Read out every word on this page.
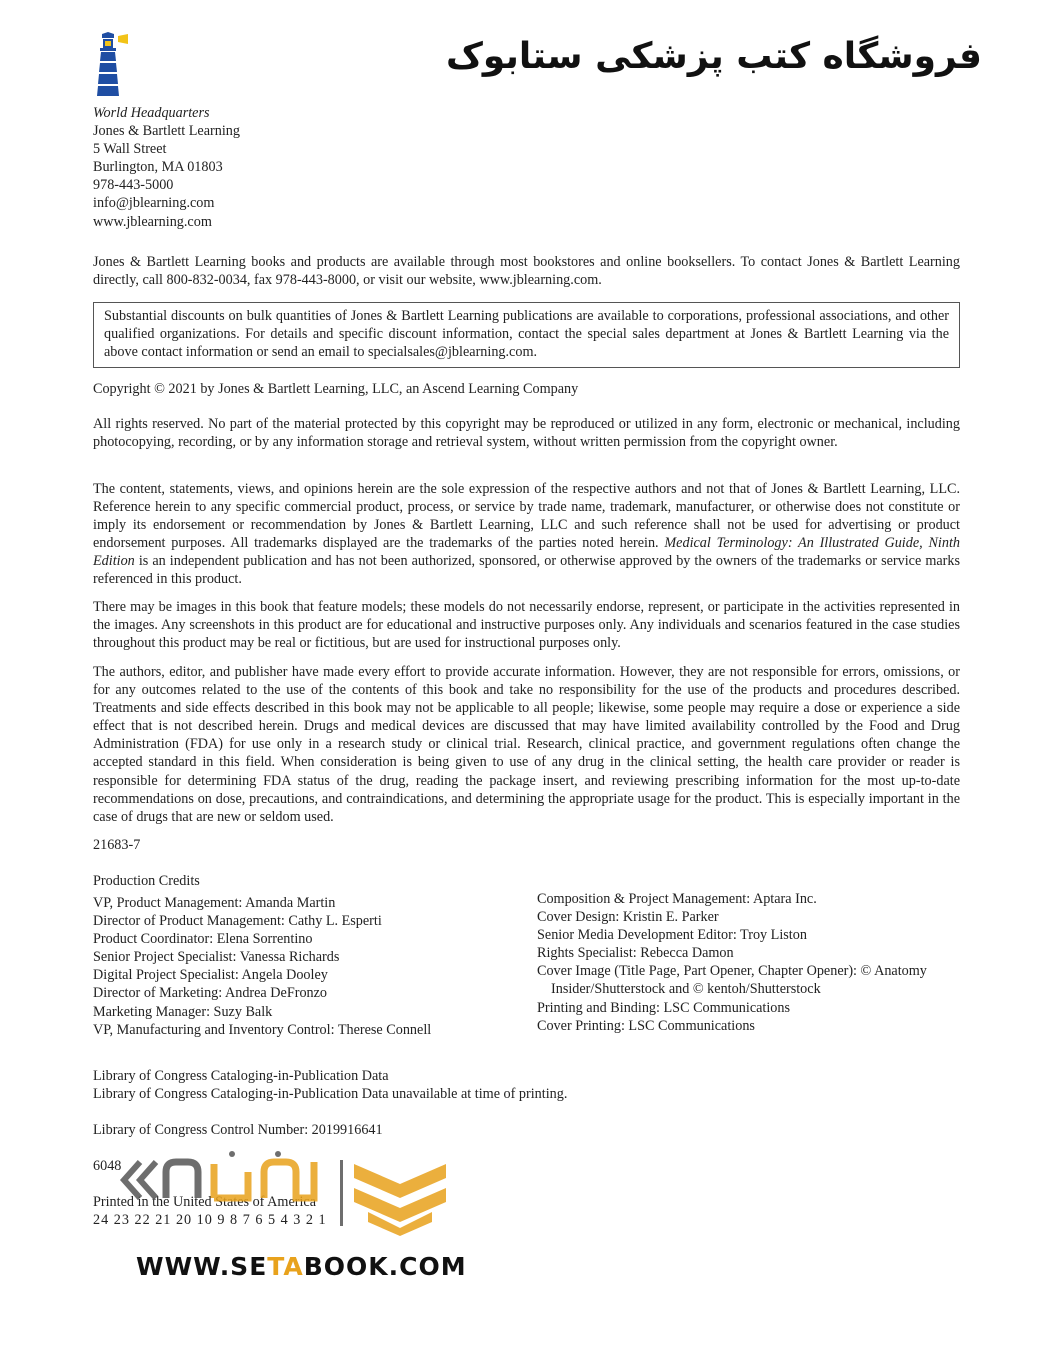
فروشگاه کتب پزشکی ستابوک
World Headquarters
Jones & Bartlett Learning
5 Wall Street
Burlington, MA 01803
978-443-5000
info@jblearning.com
www.jblearning.com
Jones & Bartlett Learning books and products are available through most bookstores and online booksellers. To contact Jones & Bartlett Learning directly, call 800-832-0034, fax 978-443-8000, or visit our website, www.jblearning.com.
Substantial discounts on bulk quantities of Jones & Bartlett Learning publications are available to corporations, professional associations, and other qualified organizations. For details and specific discount information, contact the special sales department at Jones & Bartlett Learning via the above contact information or send an email to specialsales@jblearning.com.
Copyright © 2021 by Jones & Bartlett Learning, LLC, an Ascend Learning Company
All rights reserved. No part of the material protected by this copyright may be reproduced or utilized in any form, electronic or mechanical, including photocopying, recording, or by any information storage and retrieval system, without written permission from the copyright owner.
The content, statements, views, and opinions herein are the sole expression of the respective authors and not that of Jones & Bartlett Learning, LLC. Reference herein to any specific commercial product, process, or service by trade name, trademark, manufacturer, or otherwise does not constitute or imply its endorsement or recommendation by Jones & Bartlett Learning, LLC and such reference shall not be used for advertising or product endorsement purposes. All trademarks displayed are the trademarks of the parties noted herein. Medical Terminology: An Illustrated Guide, Ninth Edition is an independent publication and has not been authorized, sponsored, or otherwise approved by the owners of the trademarks or service marks referenced in this product.
There may be images in this book that feature models; these models do not necessarily endorse, represent, or participate in the activities represented in the images. Any screenshots in this product are for educational and instructive purposes only. Any individuals and scenarios featured in the case studies throughout this product may be real or fictitious, but are used for instructional purposes only.
The authors, editor, and publisher have made every effort to provide accurate information. However, they are not responsible for errors, omissions, or for any outcomes related to the use of the contents of this book and take no responsibility for the use of the products and procedures described. Treatments and side effects described in this book may not be applicable to all people; likewise, some people may require a dose or experience a side effect that is not described herein. Drugs and medical devices are discussed that may have limited availability controlled by the Food and Drug Administration (FDA) for use only in a research study or clinical trial. Research, clinical practice, and government regulations often change the accepted standard in this field. When consideration is being given to use of any drug in the clinical setting, the health care provider or reader is responsible for determining FDA status of the drug, reading the package insert, and reviewing prescribing information for the most up-to-date recommendations on dose, precautions, and contraindications, and determining the appropriate usage for the product. This is especially important in the case of drugs that are new or seldom used.
21683-7
Production Credits
VP, Product Management: Amanda Martin
Director of Product Management: Cathy L. Esperti
Product Coordinator: Elena Sorrentino
Senior Project Specialist: Vanessa Richards
Digital Project Specialist: Angela Dooley
Director of Marketing: Andrea DeFronzo
Marketing Manager: Suzy Balk
VP, Manufacturing and Inventory Control: Therese Connell
Composition & Project Management: Aptara Inc.
Cover Design: Kristin E. Parker
Senior Media Development Editor: Troy Liston
Rights Specialist: Rebecca Damon
Cover Image (Title Page, Part Opener, Chapter Opener): © Anatomy
Insider/Shutterstock and © kentoh/Shutterstock
Printing and Binding: LSC Communications
Cover Printing: LSC Communications
Library of Congress Cataloging-in-Publication Data
Library of Congress Cataloging-in-Publication Data unavailable at time of printing.
Library of Congress Control Number: 2019916641
6048
Printed in the United States of America
24 23 22 21 20 10 9 8 7 6 5 4 3 2 1
WWW.SETABOOK.COM
